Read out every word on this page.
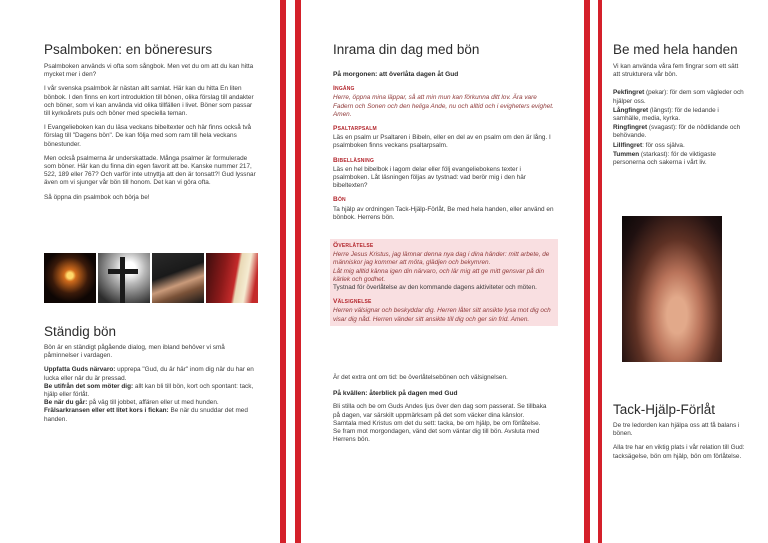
Psalmboken: en böneresurs

Psalmboken används vi ofta som sångbok. Men vet du om att du kan hitta mycket mer i den?

I vår svenska psalmbok är nästan allt samlat. Här kan du hitta En liten bönbok. I den finns en kort introduktion till bönen, olika förslag till andakter och böner, som vi kan använda vid olika tillfällen i livet. Böner som passar till kyrkoårets puls och böner med speciella teman.

I Evangelieboken kan du läsa veckans bibeltexter och här finns också två förslag till "Dagens bön". De kan följa med som ram till hela veckans bönestunder.

Men också psalmerna är underskattade. Många psalmer är formulerade som böner. Här kan du finna din egen favorit att be. Kanske nummer 217, 522, 189 eller 767? Och varför inte utnyttja att den är tonsatt?! Gud lyssnar även om vi sjunger vår bön till honom. Det kan vi göra ofta.

Så öppna din psalmbok och börja be!

Ständig bön

Bön är en ständigt pågående dialog, men ibland behöver vi små påminnelser i vardagen.

Uppfatta Guds närvaro: upprepa "Gud, du är här" inom dig när du har en lucka eller när du är pressad.

Be utifrån det som möter dig: allt kan bli till bön, kort och spontant: tack, hjälp eller förlåt.

Be när du går: på väg till jobbet, affären eller ut med hunden.

Frälsarkransen eller ett litet kors i fickan: Be när du snuddar det med handen.

Inrama din dag med bön

På morgonen: att överlåta dagen åt Gud

Ingång

Herre, öppna mina läppar, så att min mun kan förkunna ditt lov. Ära vare Fadern och Sonen och den heliga Ande, nu och alltid och i evigheters evighet. Amen.

Psaltarpsalm

Läs en psalm ur Psaltaren i Bibeln, eller en del av en psalm om den är lång. I psalmboken finns veckans psaltarpsalm.

Bibelläsning

Läs en hel bibelbok i lagom delar eller följ evangeliebokens texter i psalmboken. Låt läsningen följas av tystnad: vad berör mig i den här bibeltexten?

Bön

Ta hjälp av ordningen Tack-Hjälp-Förlåt, Be med hela handen, eller använd en bönbok. Herrens bön.

Överlåtelse

Herre Jesus Kristus, jag lämnar denna nya dag i dina händer: mitt arbete, de människor jag kommer att möta, glädjen och bekymren.

Låt mig alltid känna igen din närvaro, och lär mig att ge mitt gensvar på din kärlek och godhet.

Tystnad för överlåtelse av den kommande dagens aktiviteter och möten.

Välsignelse

Herren välsignar och beskyddar dig. Herren låter sitt ansikte lysa mot dig och visar dig nåd. Herren vänder sitt ansikte till dig och ger sin frid. Amen.

Är det extra ont om tid: be överlåtelsebönen och välsignelsen.

På kvällen: återblick på dagen med Gud

Bli stilla och be om Guds Andes ljus över den dag som passerat. Se tillbaka på dagen, var särskilt uppmärksam på det som väcker dina känslor.

Samtala med Kristus om det du sett: tacka, be om hjälp, be om förlåtelse.

Se fram mot morgondagen, vänd det som väntar dig till bön. Avsluta med Herrens bön.

Be med hela handen

Vi kan använda våra fem fingrar som ett sätt att strukturera vår bön.

Pekfingret (pekar): för dem som vägleder och hjälper oss.

Långfingret (längst): för de ledande i samhälle, media, kyrka.

Ringfingret (svagast): för de nödlidande och behövande.

Lillfingret: för oss själva.

Tummen (starkast): för de viktigaste personerna och sakerna i vårt liv.

Tack-Hjälp-Förlåt

De tre ledorden kan hjälpa oss att få balans i bönen.

Alla tre har en viktig plats i vår relation till Gud: tacksägelse, bön om hjälp, bön om förlåtelse.
